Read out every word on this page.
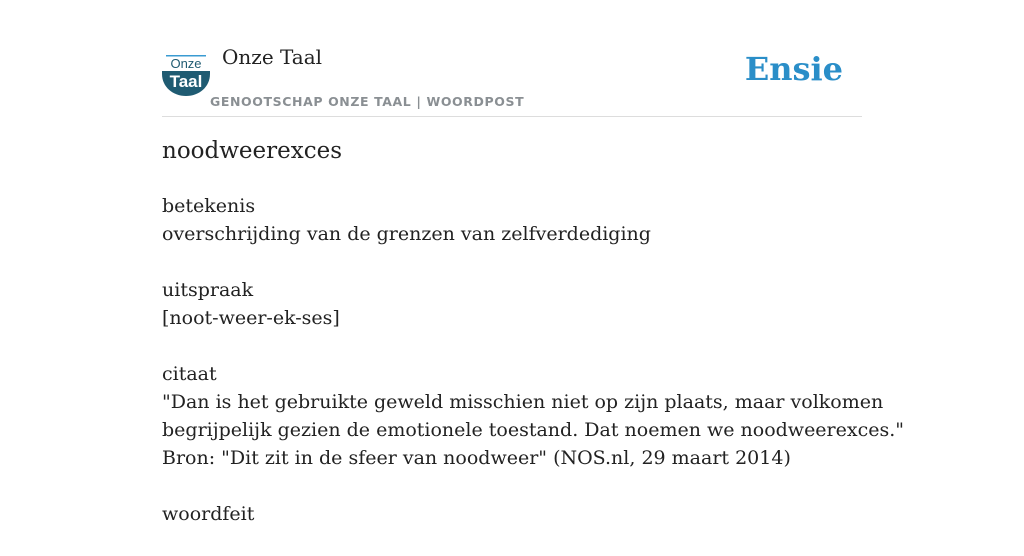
Onze
Taal
Onze Taal
GENOOTSCHAP ONZE TAAL | WOORDPOST
Ensie
noodweerexces
betekenis
overschrijding van de grenzen van zelfverdediging
uitspraak
[noot-weer-ek-ses]
citaat
"Dan is het gebruikte geweld misschien niet op zijn plaats, maar volkomen
begrijpelijk gezien de emotionele toestand. Dat noemen we noodweerexces."
Bron: "Dit zit in de sfeer van noodweer" (NOS.nl, 29 maart 2014)
woordfeit
